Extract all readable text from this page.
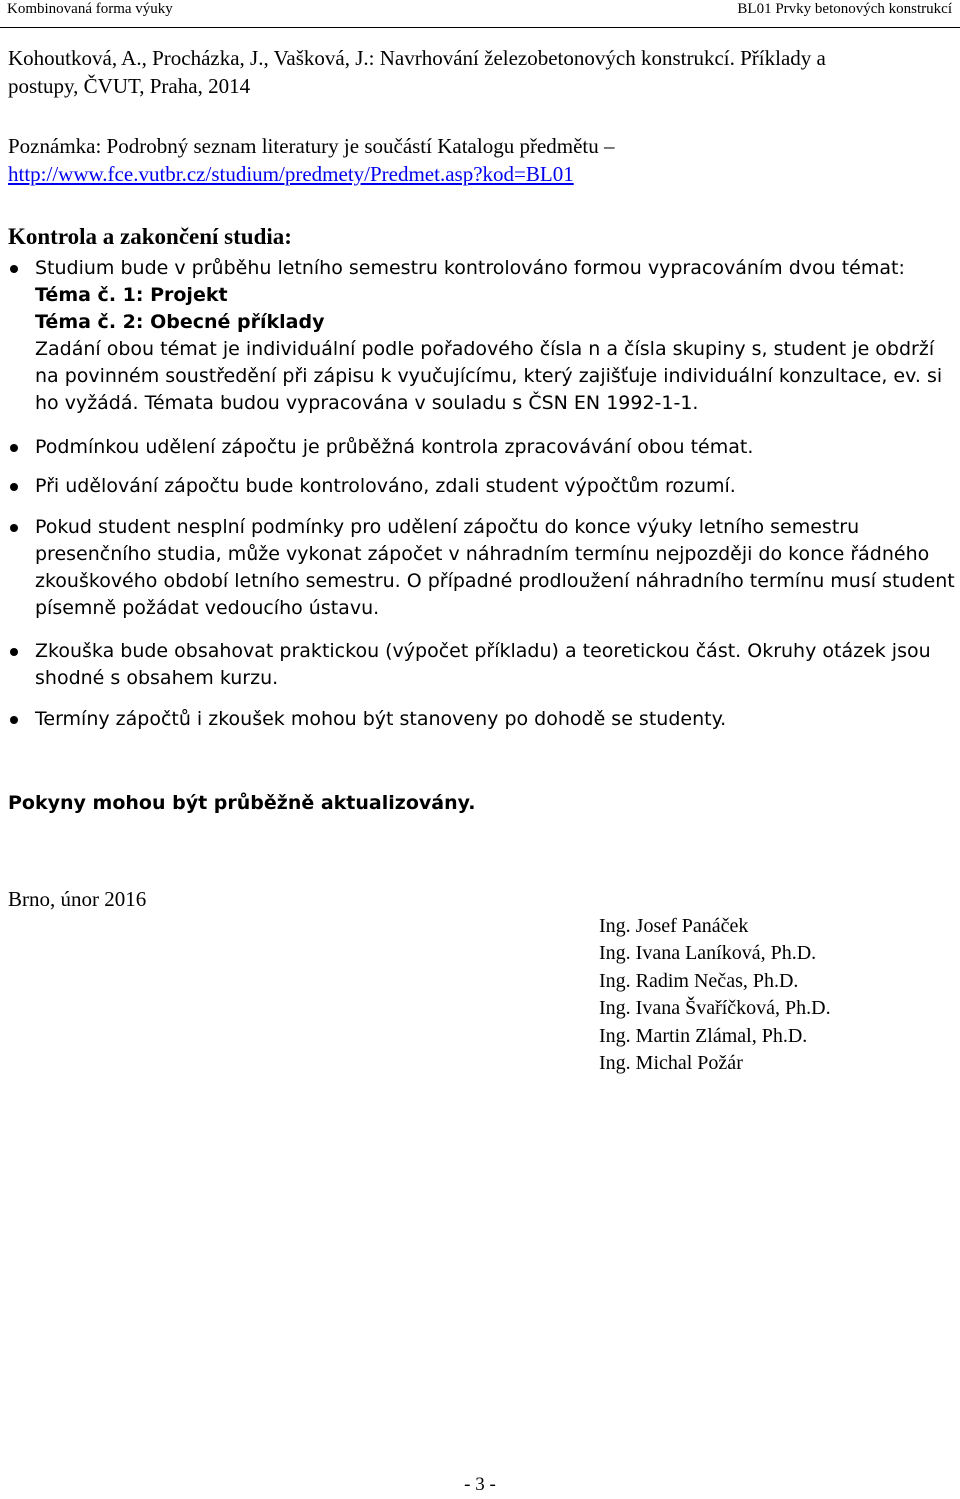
Kombinovaná forma výuky	BL01 Prvky betonových konstrukcí
Kohoutková, A., Procházka, J., Vašková, J.: Navrhování železobetonových konstrukcí. Příklady a
postupy, ČVUT, Praha, 2014
Poznámka: Podrobný seznam literatury je součástí Katalogu předmětu –
http://www.fce.vutbr.cz/studium/predmety/Predmet.asp?kod=BL01
Kontrola a zakončení studia:
Studium bude v průběhu letního semestru kontrolováno formou vypracováním dvou témat:
Téma č. 1: Projekt
Téma č. 2: Obecné příklady
Zadání obou témat je individuální podle pořadového čísla n a čísla skupiny s, student je obdrží
na povinném soustředění při zápisu k vyučujícímu, který zajišťuje individuální konzultace, ev. si
ho vyžádá. Témata budou vypracována v souladu s ČSN EN 1992-1-1.
Podmínkou udělení zápočtu je průběžná kontrola zpracovávání obou témat.
Při udělování zápočtu bude kontrolováno, zdali student výpočtům rozumí.
Pokud student nesplní podmínky pro udělení zápočtu do konce výuky letního semestru
presenčního studia, může vykonat zápočet v náhradním termínu nejpozději do konce řádného
zkouškového období letního semestru. O případné prodloužení náhradního termínu musí student
písemně požádat vedoucího ústavu.
Zkouška bude obsahovat praktickou (výpočet příkladu) a teoretickou část. Okruhy otázek jsou
shodné s obsahem kurzu.
Termíny zápočtů i zkoušek mohou být stanoveny po dohodě se studenty.
Pokyny mohou být průběžně aktualizovány.
Brno, únor 2016
Ing. Josef Panáček
Ing. Ivana Laníková, Ph.D.
Ing. Radim Nečas, Ph.D.
Ing. Ivana Švaříčková, Ph.D.
Ing. Martin Zlámal, Ph.D.
Ing. Michal Požár
- 3 -
